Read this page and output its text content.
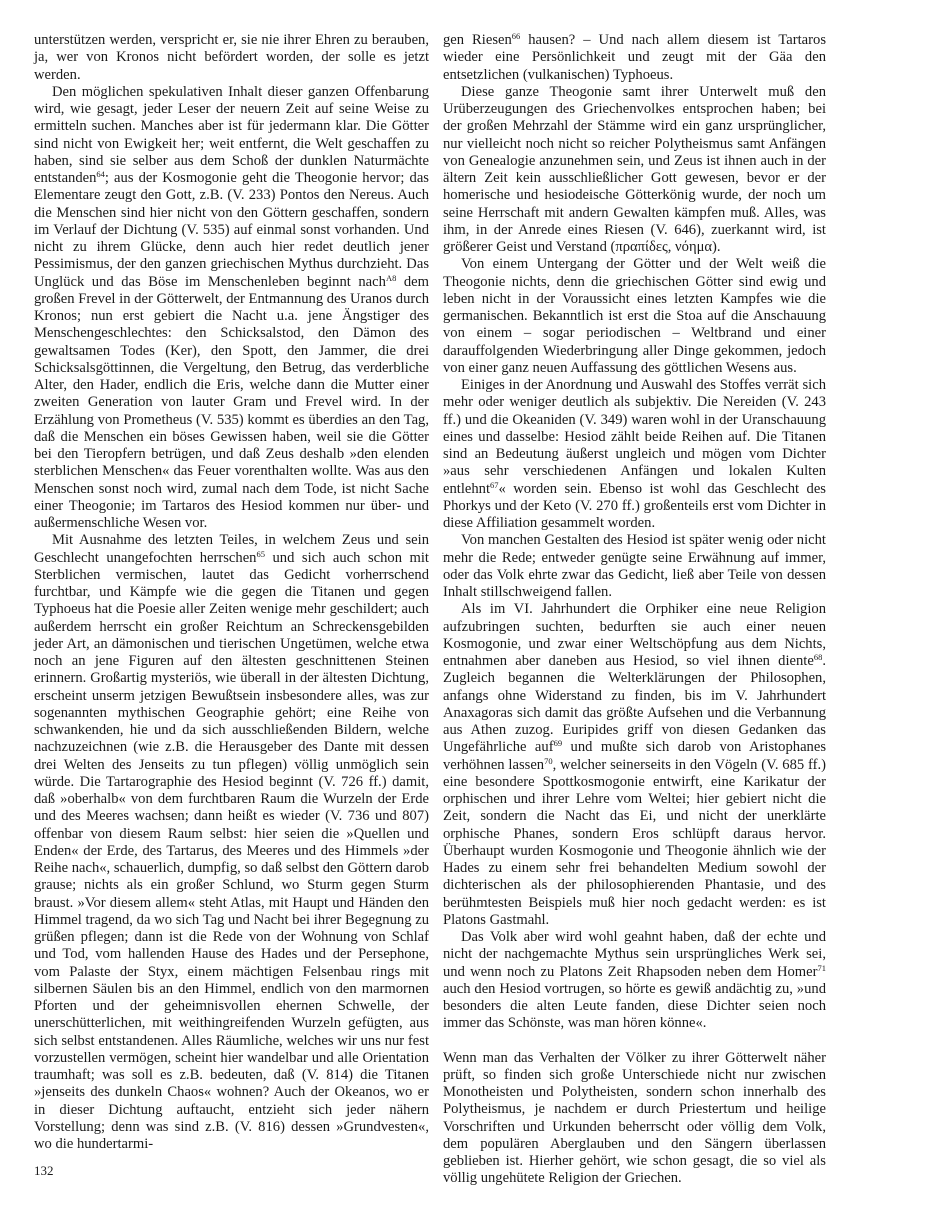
unterstützen werden, verspricht er, sie nie ihrer Ehren zu berauben, ja, wer von Kronos nicht befördert worden, der solle es jetzt werden.

Den möglichen spekulativen Inhalt dieser ganzen Offenbarung wird, wie gesagt, jeder Leser der neuern Zeit auf seine Weise zu ermitteln suchen. Manches aber ist für jedermann klar. Die Götter sind nicht von Ewigkeit her; weit entfernt, die Welt geschaffen zu haben, sind sie selber aus dem Schoß der dunklen Naturmächte entstanden$^{64}$; aus der Kosmogonie geht die Theogonie hervor; das Elementare zeugt den Gott, z.B. (V. 233) Pontos den Nereus. Auch die Menschen sind hier nicht von den Göttern geschaffen, sondern im Verlauf der Dichtung (V. 535) auf einmal sonst vorhanden. Und nicht zu ihrem Glücke, denn auch hier redet deutlich jener Pessimismus, der den ganzen griechischen Mythus durchzieht. Das Unglück und das Böse im Menschenleben beginnt nach$^{A8}$ dem großen Frevel in der Götterwelt, der Entmannung des Uranos durch Kronos; nun erst gebiert die Nacht u.a. jene Ängstiger des Menschengeschlechtes: den Schicksalstod, den Dämon des gewaltsamen Todes (Ker), den Spott, den Jammer, die drei Schicksalsgöttinnen, die Vergeltung, den Betrug, das verderbliche Alter, den Hader, endlich die Eris, welche dann die Mutter einer zweiten Generation von lauter Gram und Frevel wird. In der Erzählung von Prometheus (V. 535) kommt es überdies an den Tag, daß die Menschen ein böses Gewissen haben, weil sie die Götter bei den Tieropfern betrügen, und daß Zeus deshalb »den elenden sterblichen Menschen« das Feuer vorenthalten wollte. Was aus den Menschen sonst noch wird, zumal nach dem Tode, ist nicht Sache einer Theogonie; im Tartaros des Hesiod kommen nur über- und außermenschliche Wesen vor.

Mit Ausnahme des letzten Teiles, in welchem Zeus und sein Geschlecht unangefochten herrschen$^{65}$ und sich auch schon mit Sterblichen vermischen, lautet das Gedicht vorherrschend furchtbar, und Kämpfe wie die gegen die Titanen und gegen Typhoeus hat die Poesie aller Zeiten wenige mehr geschildert; auch außerdem herrscht ein großer Reichtum an Schreckensgebilden jeder Art, an dämonischen und tierischen Ungetümen, welche etwa noch an jene Figuren auf den ältesten geschnittenen Steinen erinnern. Großartig mysteriös, wie überall in der ältesten Dichtung, erscheint unserm jetzigen Bewußtsein insbesondere alles, was zur sogenannten mythischen Geographie gehört; eine Reihe von schwankenden, hie und da sich ausschließenden Bildern, welche nachzuzeichnen (wie z.B. die Herausgeber des Dante mit dessen drei Welten des Jenseits zu tun pflegen) völlig unmöglich sein würde. Die Tartarographie des Hesiod beginnt (V. 726 ff.) damit, daß »oberhalb« von dem furchtbaren Raum die Wurzeln der Erde und des Meeres wachsen; dann heißt es wieder (V. 736 und 807) offenbar von diesem Raum selbst: hier seien die »Quellen und Enden« der Erde, des Tartarus, des Meeres und des Himmels »der Reihe nach«, schauerlich, dumpfig, so daß selbst den Göttern darob grause; nichts als ein großer Schlund, wo Sturm gegen Sturm braust. »Vor diesem allem« steht Atlas, mit Haupt und Händen den Himmel tragend, da wo sich Tag und Nacht bei ihrer Begegnung zu grüßen pflegen; dann ist die Rede von der Wohnung von Schlaf und Tod, vom hallenden Hause des Hades und der Persephone, vom Palaste der Styx, einem mächtigen Felsenbau rings mit silbernen Säulen bis an den Himmel, endlich von den marmornen Pforten und der geheimnisvollen ehernen Schwelle, der unerschütterlichen, mit weithingreifenden Wurzeln gefügten, aus sich selbst entstandenen. Alles Räumliche, welches wir uns nur fest vorzustellen vermögen, scheint hier wandelbar und alle Orientation traumhaft; was soll es z.B. bedeuten, daß (V. 814) die Titanen »jenseits des dunkeln Chaos« wohnen? Auch der Okeanos, wo er in dieser Dichtung auftaucht, entzieht sich jeder nähern Vorstellung; denn was sind z.B. (V. 816) dessen »Grundvesten«, wo die hundertarmi-

gen Riesen$^{66}$ hausen? – Und nach allem diesem ist Tartaros wieder eine Persönlichkeit und zeugt mit der Gäa den entsetzlichen (vulkanischen) Typhoeus.

Diese ganze Theogonie samt ihrer Unterwelt muß den Urüberzeugungen des Griechenvolkes entsprochen haben; bei der großen Mehrzahl der Stämme wird ein ganz ursprünglicher, nur vielleicht noch nicht so reicher Polytheismus samt Anfängen von Genealogie anzunehmen sein, und Zeus ist ihnen auch in der ältern Zeit kein ausschließlicher Gott gewesen, bevor er der homerische und hesiodeische Götterkönig wurde, der noch um seine Herrschaft mit andern Gewalten kämpfen muß. Alles, was ihm, in der Anrede eines Riesen (V. 646), zuerkannt wird, ist größerer Geist und Verstand (πραπίδες, νόημα).

Von einem Untergang der Götter und der Welt weiß die Theogonie nichts, denn die griechischen Götter sind ewig und leben nicht in der Voraussicht eines letzten Kampfes wie die germanischen. Bekanntlich ist erst die Stoa auf die Anschauung von einem – sogar periodischen – Weltbrand und einer darauffolgenden Wiederbringung aller Dinge gekommen, jedoch von einer ganz neuen Auffassung des göttlichen Wesens aus.

Einiges in der Anordnung und Auswahl des Stoffes verrät sich mehr oder weniger deutlich als subjektiv. Die Nereiden (V. 243 ff.) und die Okeaniden (V. 349) waren wohl in der Uranschauung eines und dasselbe: Hesiod zählt beide Reihen auf. Die Titanen sind an Bedeutung äußerst ungleich und mögen vom Dichter »aus sehr verschiedenen Anfängen und lokalen Kulten entlehnt$^{67}$« worden sein. Ebenso ist wohl das Geschlecht des Phorkys und der Keto (V. 270 ff.) großenteils erst vom Dichter in diese Affiliation gesammelt worden.

Von manchen Gestalten des Hesiod ist später wenig oder nicht mehr die Rede; entweder genügte seine Erwähnung auf immer, oder das Volk ehrte zwar das Gedicht, ließ aber Teile von dessen Inhalt stillschweigend fallen.

Als im VI. Jahrhundert die Orphiker eine neue Religion aufzubringen suchten, bedurften sie auch einer neuen Kosmogonie, und zwar einer Weltschöpfung aus dem Nichts, entnahmen aber daneben aus Hesiod, so viel ihnen diente$^{68}$. Zugleich begannen die Welterklärungen der Philosophen, anfangs ohne Widerstand zu finden, bis im V. Jahrhundert Anaxagoras sich damit das größte Aufsehen und die Verbannung aus Athen zuzog. Euripides griff von diesen Gedanken das Ungefährliche auf$^{69}$ und mußte sich darob von Aristophanes verhöhnen lassen$^{70}$, welcher seinerseits in den Vögeln (V. 685 ff.) eine besondere Spottkosmogonie entwirft, eine Karikatur der orphischen und ihrer Lehre vom Weltei; hier gebiert nicht die Zeit, sondern die Nacht das Ei, und nicht der unerklärte orphische Phanes, sondern Eros schlüpft daraus hervor. Überhaupt wurden Kosmogonie und Theogonie ähnlich wie der Hades zu einem sehr frei behandelten Medium sowohl der dichterischen als der philosophierenden Phantasie, und des berühmtesten Beispiels muß hier noch gedacht werden: es ist Platons Gastmahl.

Das Volk aber wird wohl geahnt haben, daß der echte und nicht der nachgemachte Mythus sein ursprüngliches Werk sei, und wenn noch zu Platons Zeit Rhapsoden neben dem Homer$^{71}$ auch den Hesiod vortrugen, so hörte es gewiß andächtig zu, »und besonders die alten Leute fanden, diese Dichter seien noch immer das Schönste, was man hören könne«.

Wenn man das Verhalten der Völker zu ihrer Götterwelt näher prüft, so finden sich große Unterschiede nicht nur zwischen Monotheisten und Polytheisten, sondern schon innerhalb des Polytheismus, je nachdem er durch Priestertum und heilige Vorschriften und Urkunden beherrscht oder völlig dem Volk, dem populären Aberglauben und den Sängern überlassen geblieben ist. Hierher gehört, wie schon gesagt, die so viel als völlig ungehütete Religion der Griechen.

132
